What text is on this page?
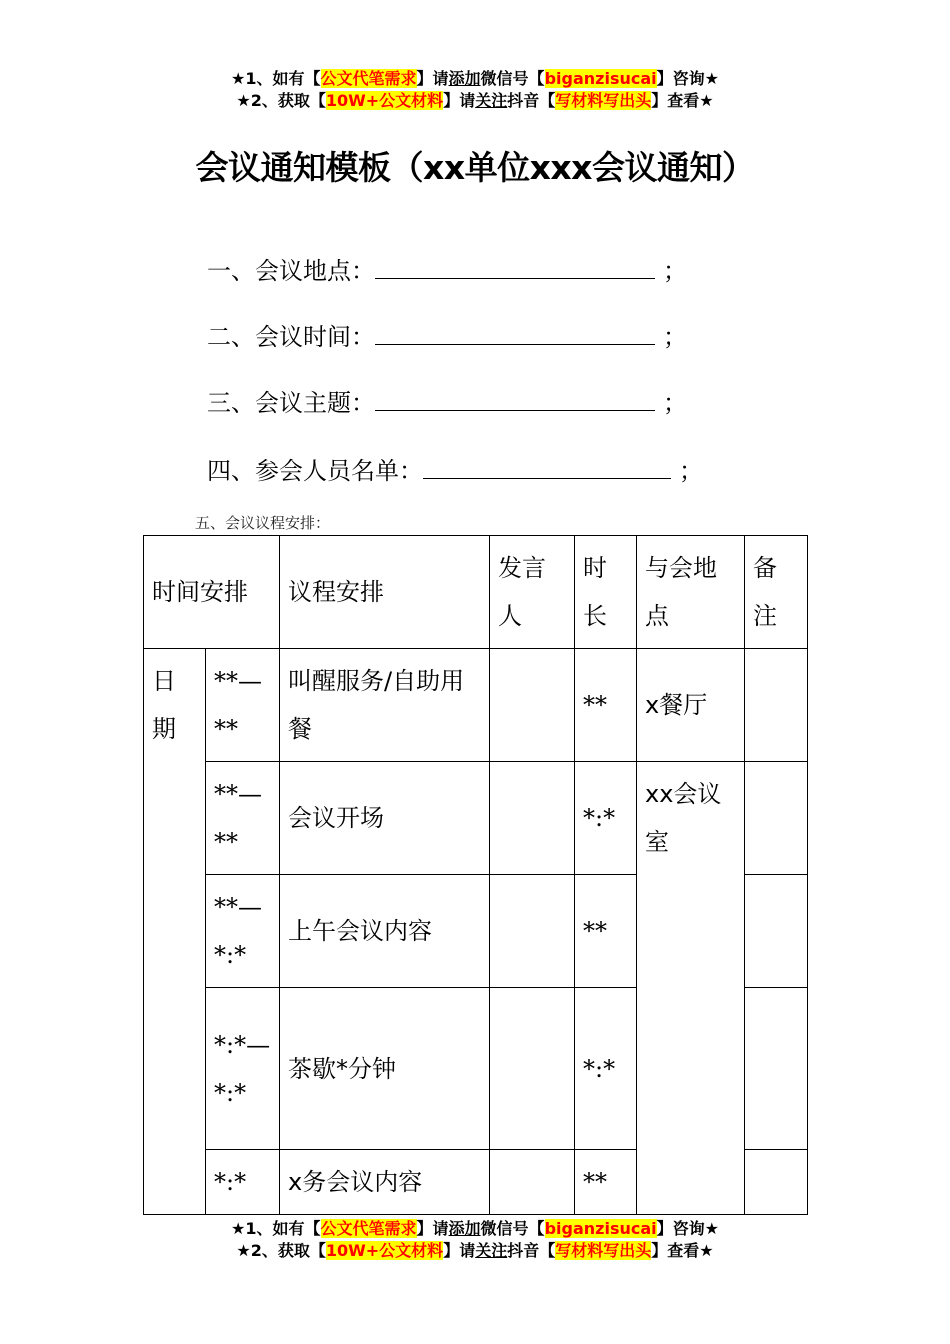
★1、如有【公文代笔需求】请添加微信号【biganzisucai】咨询★
★2、获取【10W+公文材料】请关注抖音【写材料写出头】查看★
会议通知模板（xx单位xxx会议通知）
一、会议地点：	；
二、会议时间：	；
三、会议主题：	；
四、参会人员名单：	；
五、会议议程安排：
时间安排		议程安排	发言人	时长	与会地点	备注
日期	**—**	叫醒服务/自助用餐		**	x餐厅	
	**—**	会议开场		*:*	xx会议室	
	**—*:*	上午会议内容		**		
	*:*—*:*	茶歇*分钟		*:*		
	*:*	x务会议内容		**		
★1、如有【公文代笔需求】请添加微信号【biganzisucai】咨询★
★2、获取【10W+公文材料】请关注抖音【写材料写出头】查看★
